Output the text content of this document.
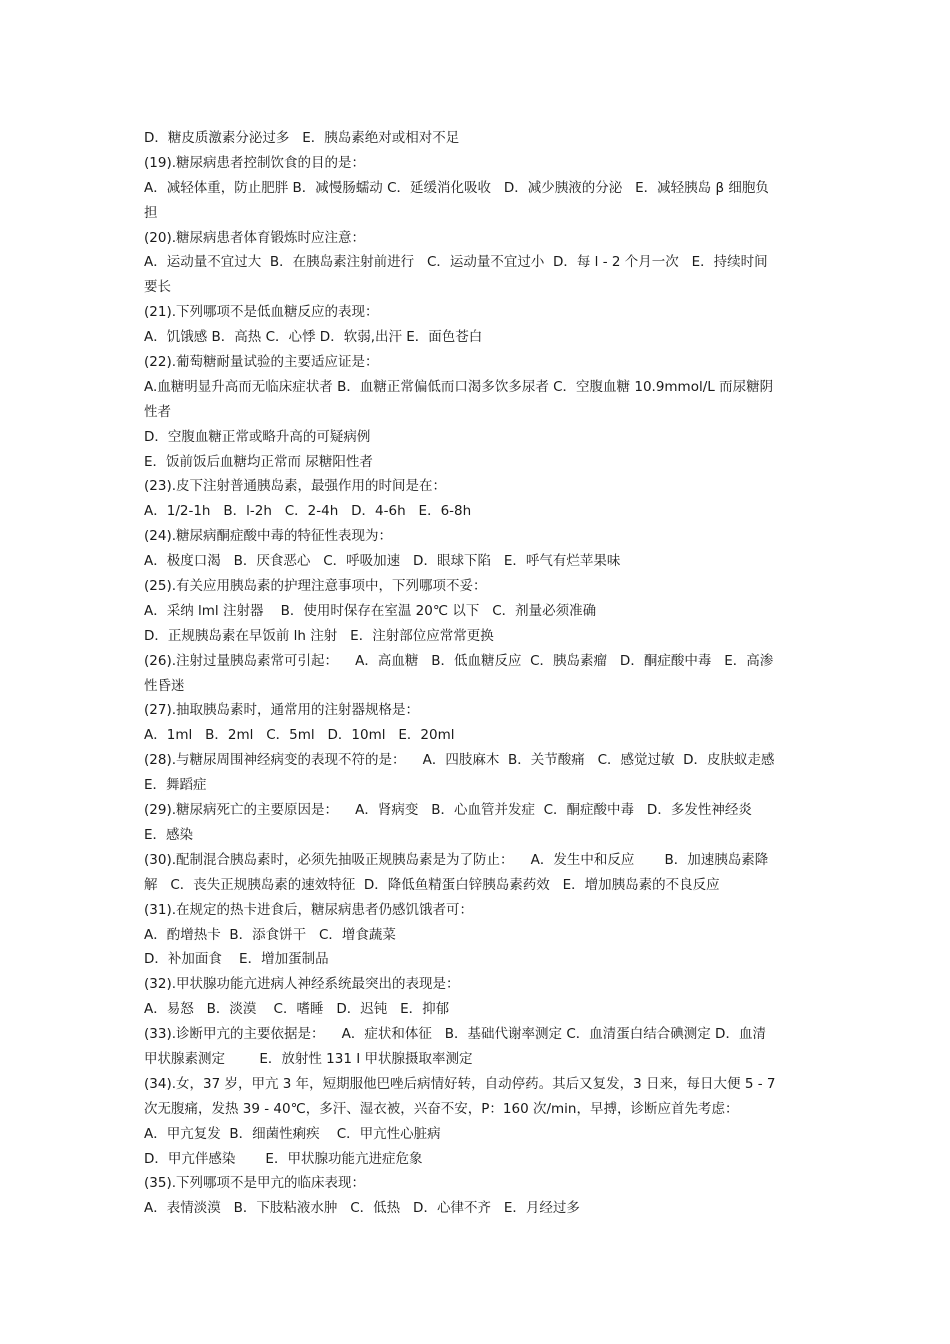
D．糖皮质激素分泌过多   E．胰岛素绝对或相对不足
(19).糖尿病患者控制饮食的目的是：
A．减轻体重，防止肥胖 B．减慢肠蠕动 C．延缓消化吸收   D．减少胰液的分泌   E．减轻胰岛 β 细胞负
担
(20).糖尿病患者体育锻炼时应注意：
A．运动量不宜过大  B．在胰岛素注射前进行   C．运动量不宜过小  D．每 l - 2 个月一次   E．持续时间
要长
(21).下列哪项不是低血糖反应的表现：
A．饥饿感 B．高热 C．心悸 D．软弱,出汗 E．面色苍白
(22).葡萄糖耐量试验的主要适应证是：
A.血糖明显升高而无临床症状者 B．血糖正常偏低而口渴多饮多尿者 C．空腹血糖 10.9mmol/L 而尿糖阴
性者
D．空腹血糖正常或略升高的可疑病例
E．饭前饭后血糖均正常而 尿糖阳性者
(23).皮下注射普通胰岛素，最强作用的时间是在：
A．1/2-1h   B．l-2h   C．2-4h   D．4-6h   E．6-8h
(24).糖尿病酮症酸中毒的特征性表现为：
A．极度口渴   B．厌食恶心   C．呼吸加速   D．眼球下陷   E．呼气有烂苹果味
(25).有关应用胰岛素的护理注意事项中，下列哪项不妥：
A．采纳 lml 注射器    B．使用时保存在室温 20℃ 以下   C．剂量必须准确
D．正规胰岛素在早饭前 lh 注射   E．注射部位应常常更换
(26).注射过量胰岛素常可引起：    A．高血糖   B．低血糖反应  C．胰岛素瘤   D．酮症酸中毒   E．高渗
性昏迷
(27).抽取胰岛素时，通常用的注射器规格是：
A．1ml   B．2ml   C．5ml   D．10ml   E．20ml
(28).与糖尿周围神经病变的表现不符的是：    A．四肢麻木  B．关节酸痛   C．感觉过敏  D．皮肤蚁走感
E．舞蹈症
(29).糖尿病死亡的主要原因是：    A．肾病变   B．心血管并发症  C．酮症酸中毒   D．多发性神经炎
E．感染
(30).配制混合胰岛素时，必须先抽吸正规胰岛素是为了防止：    A．发生中和反应       B．加速胰岛素降
解   C．丧失正规胰岛素的速效特征  D．降低鱼精蛋白锌胰岛素药效   E．增加胰岛素的不良反应
(31).在规定的热卡进食后，糖尿病患者仍感饥饿者可：
A．酌增热卡  B．添食饼干   C．增食蔬菜
D．补加面食    E．增加蛋制品
(32).甲状腺功能亢进病人神经系统最突出的表现是：
A．易怒   B．淡漠    C．嗜睡   D．迟钝   E．抑郁
(33).诊断甲亢的主要依据是：    A．症状和体征   B．基础代谢率测定 C．血清蛋白结合碘测定 D．血清
甲状腺素测定        E．放射性 131 I 甲状腺摄取率测定
(34).女，37 岁，甲亢 3 年，短期服他巴唑后病情好转，自动停药。其后又复发，3 日来，每日大便 5 - 7
次无腹痛，发热 39 - 40℃，多汗、湿衣被，兴奋不安，P：160 次/min，早搏，诊断应首先考虑：
A．甲亢复发  B．细菌性痢疾    C．甲亢性心脏病
D．甲亢伴感染       E．甲状腺功能亢进症危象
(35).下列哪项不是甲亢的临床表现：
A．表情淡漠   B．下肢粘液水肿   C．低热   D．心律不齐   E．月经过多
